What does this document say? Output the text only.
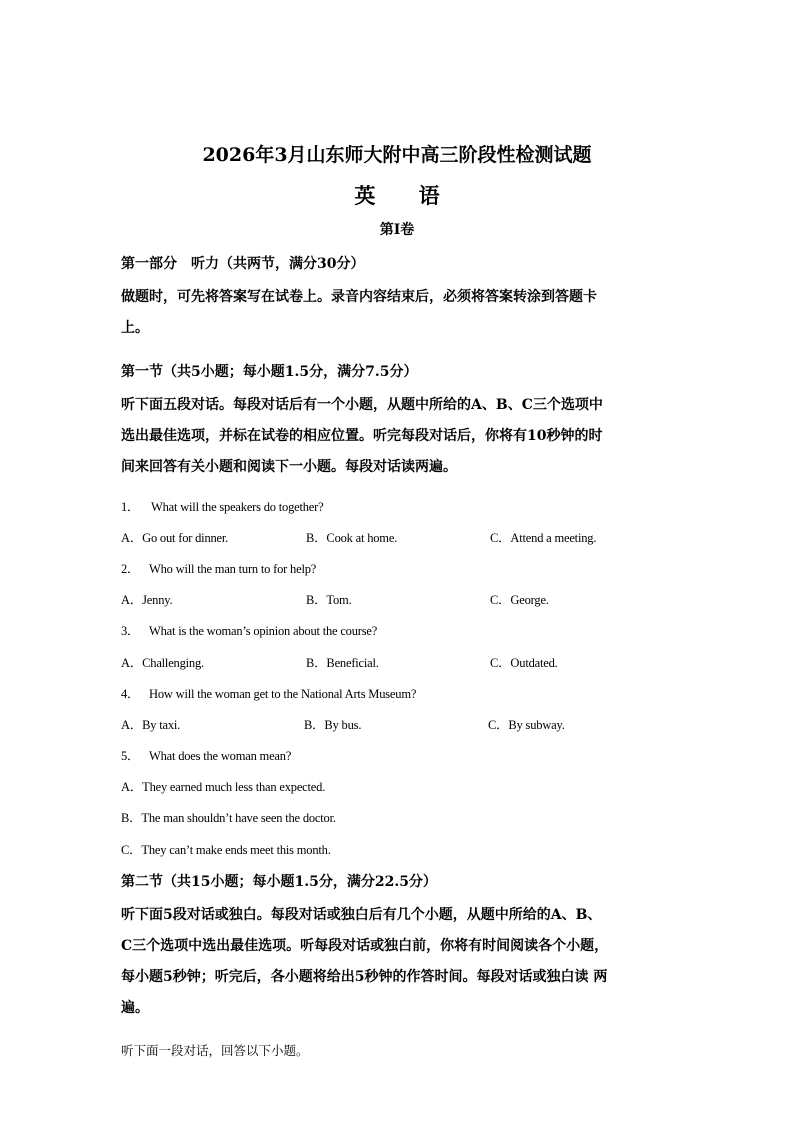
2026年3月山东师大附中高三阶段性检测试题
英 语
第I卷
第一部分　听力（共两节，满分30分）
做题时，可先将答案写在试卷上。录音内容结束后，必须将答案转涂到答题卡
上。
第一节（共5小题；每小题1.5分，满分7.5分）
听下面五段对话。每段对话后有一个小题，从题中所给的A、B、C三个选项中
选出最佳选项，并标在试卷的相应位置。听完每段对话后，你将有10秒钟的时
间来回答有关小题和阅读下一小题。每段对话读两遍。
1． What will the speakers do together?
A．Go out for dinner.	B．Cook at home.	C．Attend a meeting.
2． Who will the man turn to for help?
A．Jenny.	B．Tom.	C．George.
3． What is the woman’s opinion about the course?
A．Challenging.	B．Beneficial.	C．Outdated.
4． How will the woman get to the National Arts Museum?
A．By taxi.	B．By bus.	C．By subway.
5． What does the woman mean?
A．They earned much less than expected.
B．The man shouldn’t have seen the doctor.
C．They can’t make ends meet this month.
第二节（共15小题；每小题1.5分，满分22.5分）
听下面5段对话或独白。每段对话或独白后有几个小题，从题中所给的A、B、
C三个选项中选出最佳选项。听每段对话或独白前，你将有时间阅读各个小题，
每小题5秒钟；听完后，各小题将给出5秒钟的作答时间。每段对话或独白读 两
遍。
听下面一段对话，回答以下小题。
